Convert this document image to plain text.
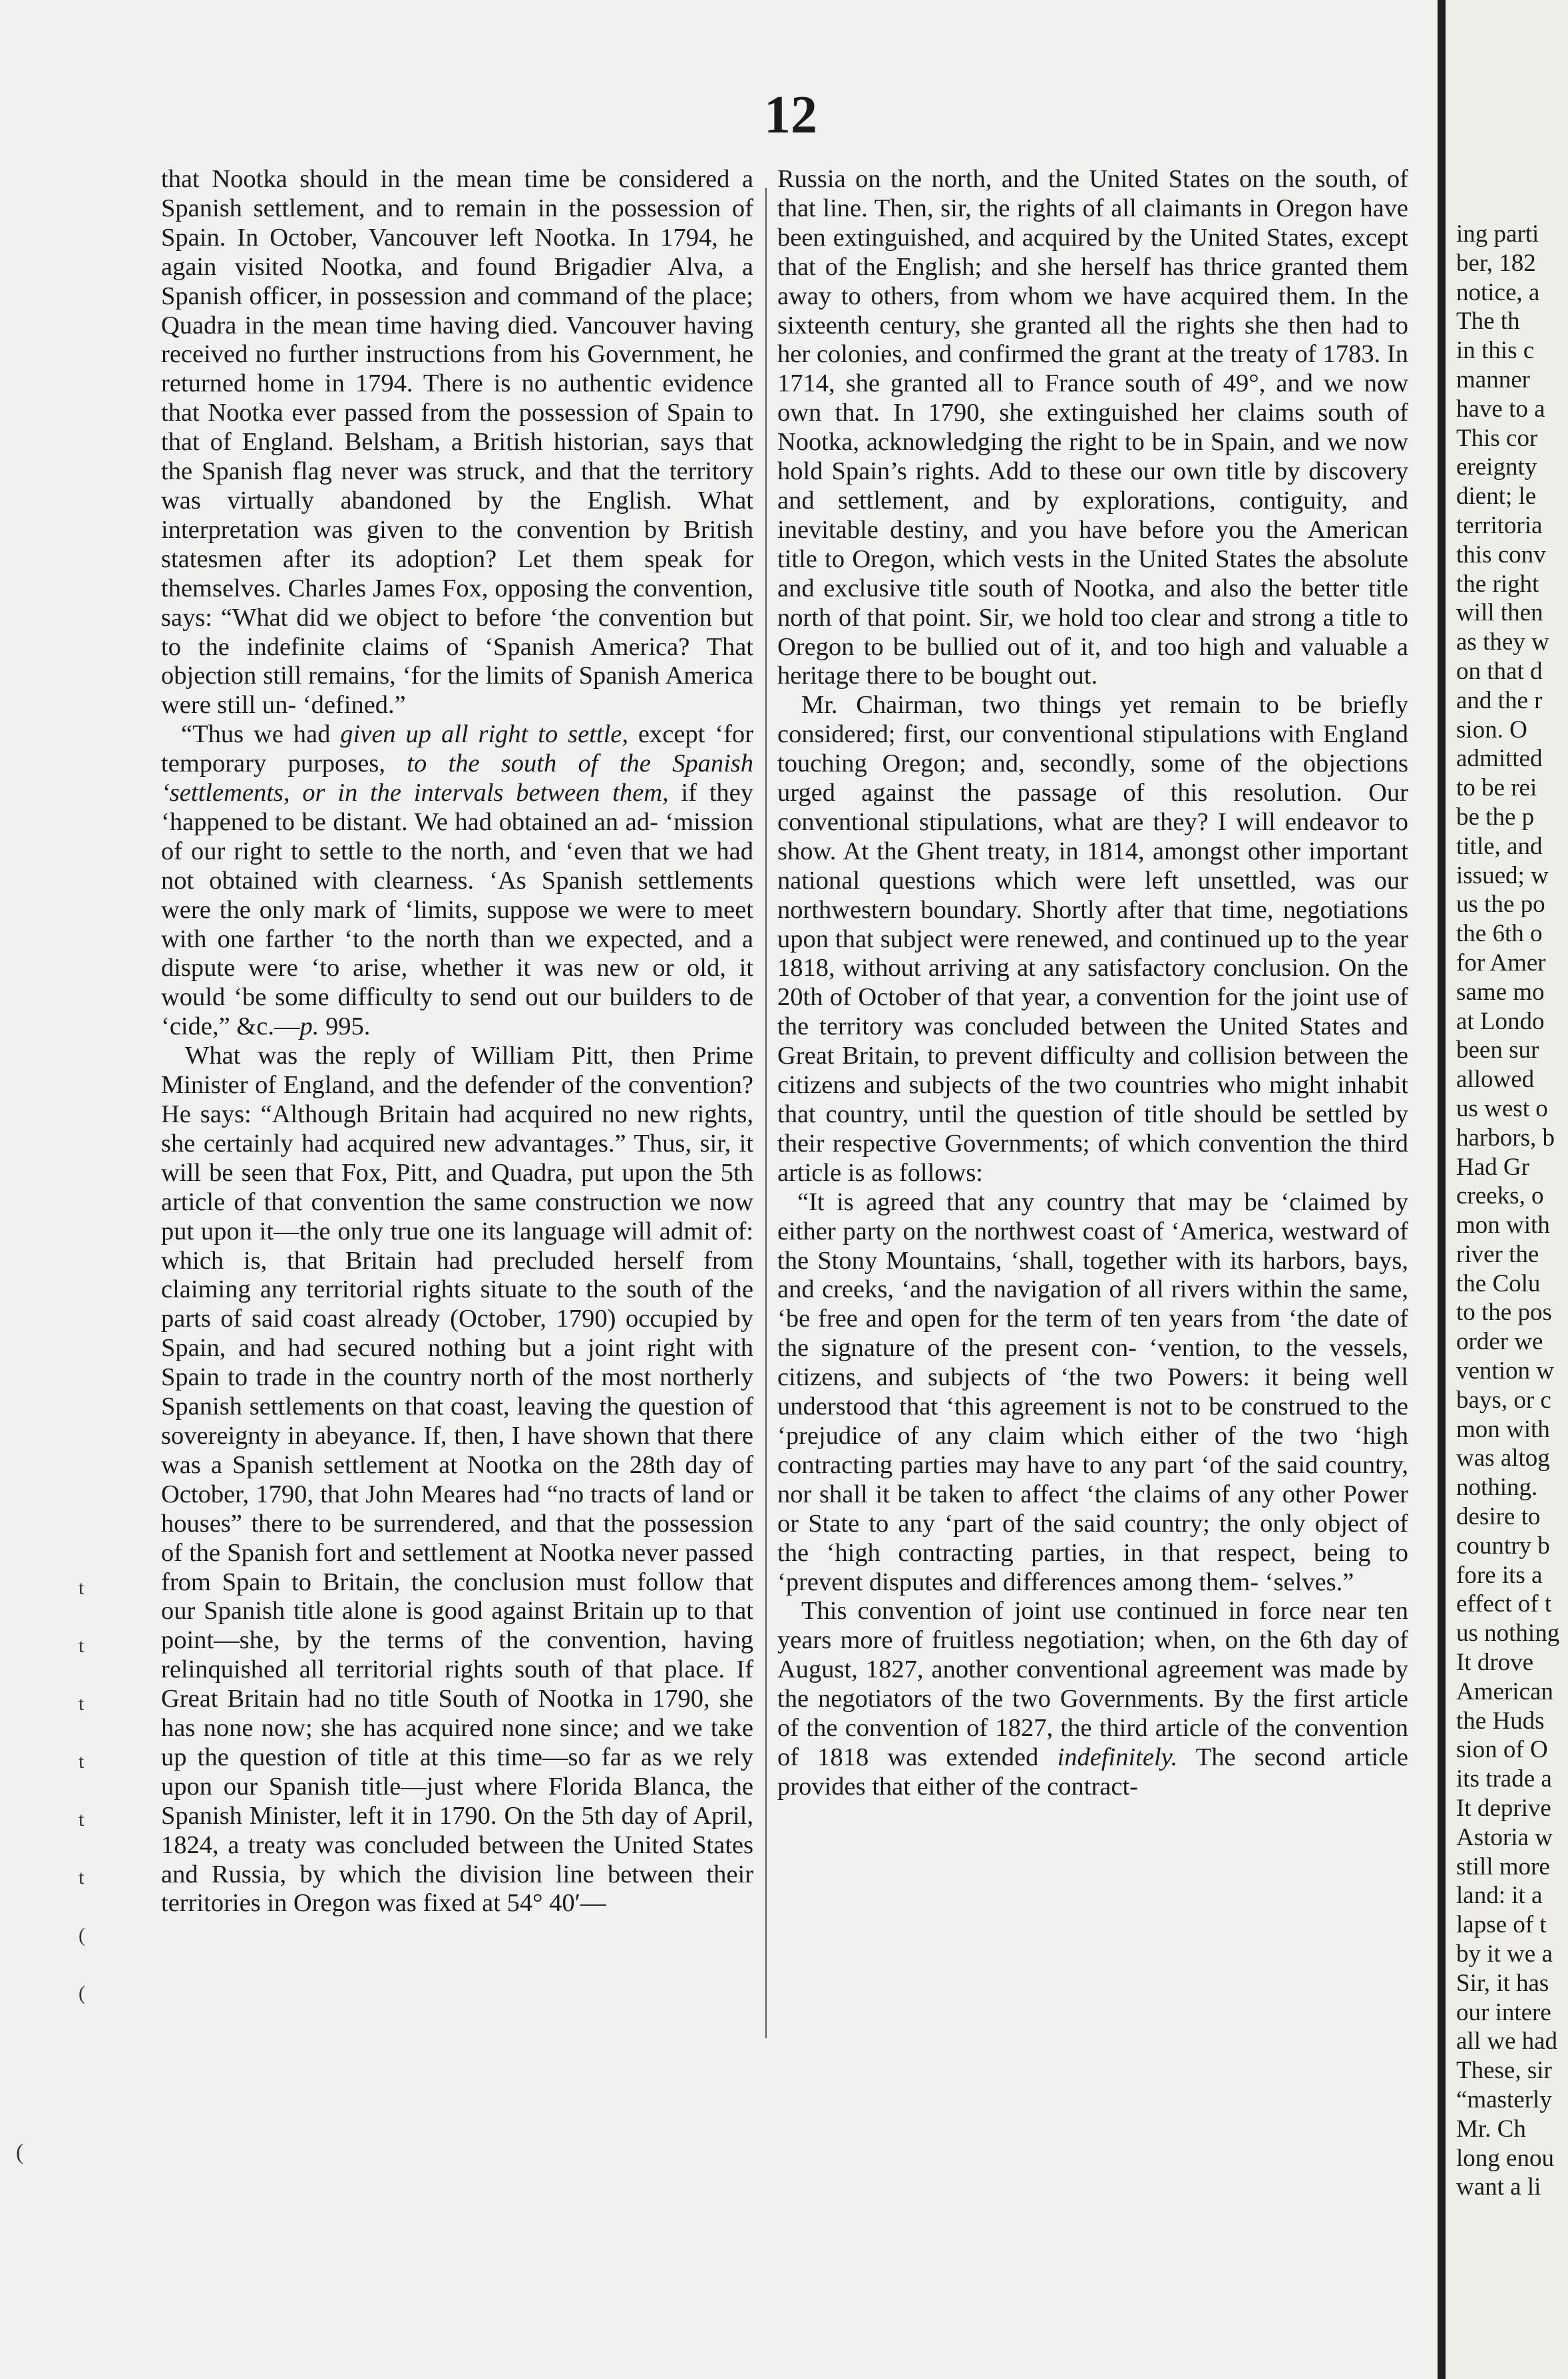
12

that Nootka should in the mean time be considered a Spanish settlement, and to remain in the possession of Spain. In October, Vancouver left Nootka. In 1794, he again visited Nootka, and found Brigadier Alva, a Spanish officer, in possession and command of the place; Quadra in the mean time having died. Vancouver having received no further instructions from his Government, he returned home in 1794. There is no authentic evidence that Nootka ever passed from the possession of Spain to that of England. Belsham, a British historian, says that the Spanish flag never was struck, and that the territory was virtually abandoned by the English. What interpretation was given to the convention by British statesmen after its adoption? Let them speak for themselves. Charles James Fox, opposing the convention, says: “What did we object to before ‘the convention but to the indefinite claims of ‘Spanish America? That objection still remains, ‘for the limits of Spanish America were still un- ‘defined.”

“Thus we had given up all right to settle, except ‘for temporary purposes, to the south of the Spanish ‘settlements, or in the intervals between them, if they ‘happened to be distant. We had obtained an ad- ‘mission of our right to settle to the north, and ‘even that we had not obtained with clearness. ‘As Spanish settlements were the only mark of ‘limits, suppose we were to meet with one farther ‘to the north than we expected, and a dispute were ‘to arise, whether it was new or old, it would ‘be some difficulty to send out our builders to de ‘cide,” &c.—p. 995.

What was the reply of William Pitt, then Prime Minister of England, and the defender of the convention? He says: “Although Britain had acquired no new rights, she certainly had acquired new advantages.” Thus, sir, it will be seen that Fox, Pitt, and Quadra, put upon the 5th article of that convention the same construction we now put upon it—the only true one its language will admit of: which is, that Britain had precluded herself from claiming any territorial rights situate to the south of the parts of said coast already (October, 1790) occupied by Spain, and had secured nothing but a joint right with Spain to trade in the country north of the most northerly Spanish settlements on that coast, leaving the question of sovereignty in abeyance. If, then, I have shown that there was a Spanish settlement at Nootka on the 28th day of October, 1790, that John Meares had “no tracts of land or houses” there to be surrendered, and that the possession of the Spanish fort and settlement at Nootka never passed from Spain to Britain, the conclusion must follow that our Spanish title alone is good against Britain up to that point—she, by the terms of the convention, having relinquished all territorial rights south of that place. If Great Britain had no title South of Nootka in 1790, she has none now; she has acquired none since; and we take up the question of title at this time—so far as we rely upon our Spanish title—just where Florida Blanca, the Spanish Minister, left it in 1790. On the 5th day of April, 1824, a treaty was concluded between the United States and Russia, by which the division line between their territories in Oregon was fixed at 54° 40′—

Russia on the north, and the United States on the south, of that line. Then, sir, the rights of all claimants in Oregon have been extinguished, and acquired by the United States, except that of the English; and she herself has thrice granted them away to others, from whom we have acquired them. In the sixteenth century, she granted all the rights she then had to her colonies, and confirmed the grant at the treaty of 1783. In 1714, she granted all to France south of 49°, and we now own that. In 1790, she extinguished her claims south of Nootka, acknowledging the right to be in Spain, and we now hold Spain’s rights. Add to these our own title by discovery and settlement, and by explorations, contiguity, and inevitable destiny, and you have before you the American title to Oregon, which vests in the United States the absolute and exclusive title south of Nootka, and also the better title north of that point. Sir, we hold too clear and strong a title to Oregon to be bullied out of it, and too high and valuable a heritage there to be bought out.

Mr. Chairman, two things yet remain to be briefly considered; first, our conventional stipulations with England touching Oregon; and, secondly, some of the objections urged against the passage of this resolution. Our conventional stipulations, what are they? I will endeavor to show. At the Ghent treaty, in 1814, amongst other important national questions which were left unsettled, was our northwestern boundary. Shortly after that time, negotiations upon that subject were renewed, and continued up to the year 1818, without arriving at any satisfactory conclusion. On the 20th of October of that year, a convention for the joint use of the territory was concluded between the United States and Great Britain, to prevent difficulty and collision between the citizens and subjects of the two countries who might inhabit that country, until the question of title should be settled by their respective Governments; of which convention the third article is as follows:

“It is agreed that any country that may be ‘claimed by either party on the northwest coast of ‘America, westward of the Stony Mountains, ‘shall, together with its harbors, bays, and creeks, ‘and the navigation of all rivers within the same, ‘be free and open for the term of ten years from ‘the date of the signature of the present con- ‘vention, to the vessels, citizens, and subjects of ‘the two Powers: it being well understood that ‘this agreement is not to be construed to the ‘prejudice of any claim which either of the two ‘high contracting parties may have to any part ‘of the said country, nor shall it be taken to affect ‘the claims of any other Power or State to any ‘part of the said country; the only object of the ‘high contracting parties, in that respect, being to ‘prevent disputes and differences among them- ‘selves.”

This convention of joint use continued in force near ten years more of fruitless negotiation; when, on the 6th day of August, 1827, another conventional agreement was made by the negotiators of the two Governments. By the first article of the convention of 1827, the third article of the convention of 1818 was extended indefinitely. The second article provides that either of the contract-

t
t
t
t
t
t
(
(
(
ing parti
ber, 182
notice, a
The th
in this c
manner
have to a
This cor
ereignty
dient; le
territoria
this conv
the right
will then
as they w
on that d
and the r
sion. O
admitted
to be rei
be the p
title, and
issued; w
us the po
the 6th o
for Amer
same mo
at Londo
been sur
allowed
us west o
harbors, b
Had Gr
creeks, o
mon with
river the
the Colu
to the pos
order we
vention w
bays, or c
mon with
was altog
nothing.
desire to
country b
fore its a
effect of t
us nothing
It drove
American
the Huds
sion of O
its trade a
It deprive
Astoria w
still more
land: it a
lapse of t
by it we a
Sir, it has
our intere
all we had
These, sir
“masterly
Mr. Ch
long enou
want a li
